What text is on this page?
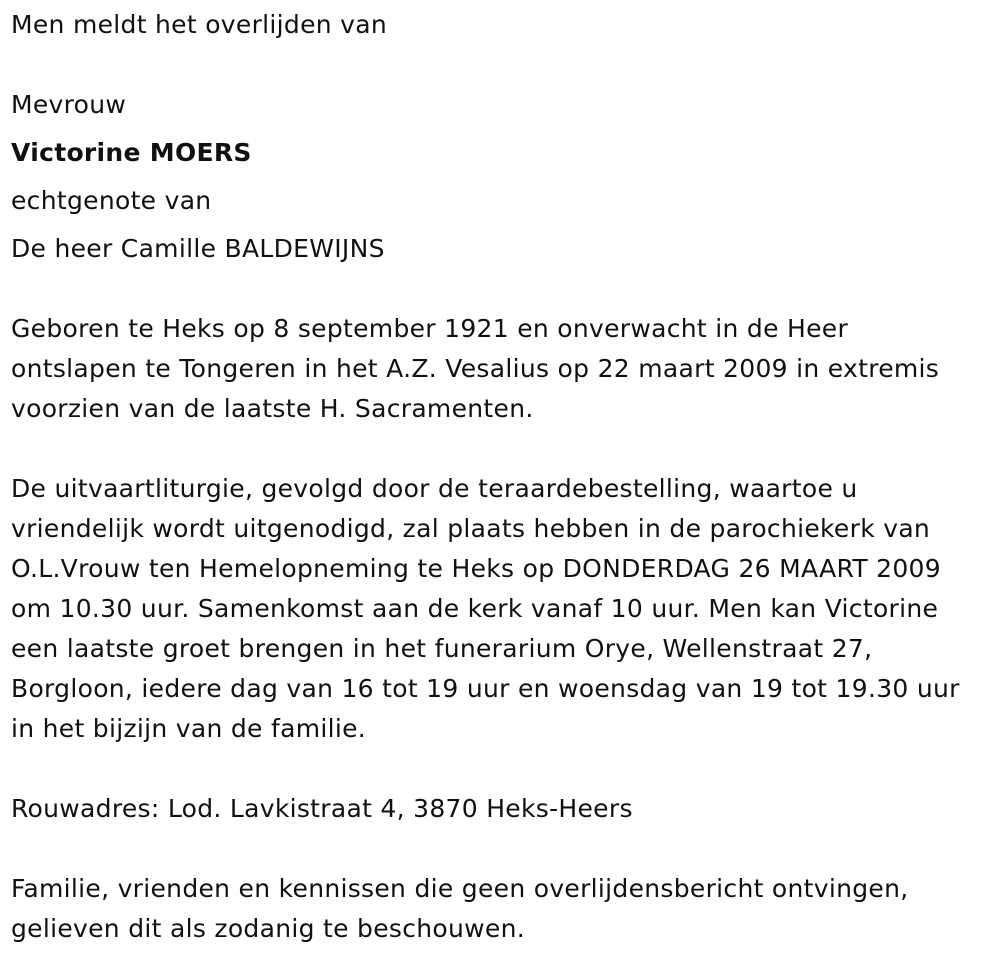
Men meldt het overlijden van
Mevrouw
Victorine MOERS
echtgenote van
De heer Camille BALDEWIJNS
Geboren te Heks op 8 september 1921 en onverwacht in de Heer
ontslapen te Tongeren in het A.Z. Vesalius op 22 maart 2009 in extremis
voorzien van de laatste H. Sacramenten.
De uitvaartliturgie, gevolgd door de teraardebestelling, waartoe u
vriendelijk wordt uitgenodigd, zal plaats hebben in de parochiekerk van
O.L.Vrouw ten Hemelopneming te Heks op DONDERDAG 26 MAART 2009
om 10.30 uur. Samenkomst aan de kerk vanaf 10 uur. Men kan Victorine
een laatste groet brengen in het funerarium Orye, Wellenstraat 27,
Borgloon, iedere dag van 16 tot 19 uur en woensdag van 19 tot 19.30 uur
in het bijzijn van de familie.
Rouwadres: Lod. Lavkistraat 4, 3870 Heks-Heers
Familie, vrienden en kennissen die geen overlijdensbericht ontvingen,
gelieven dit als zodanig te beschouwen.
